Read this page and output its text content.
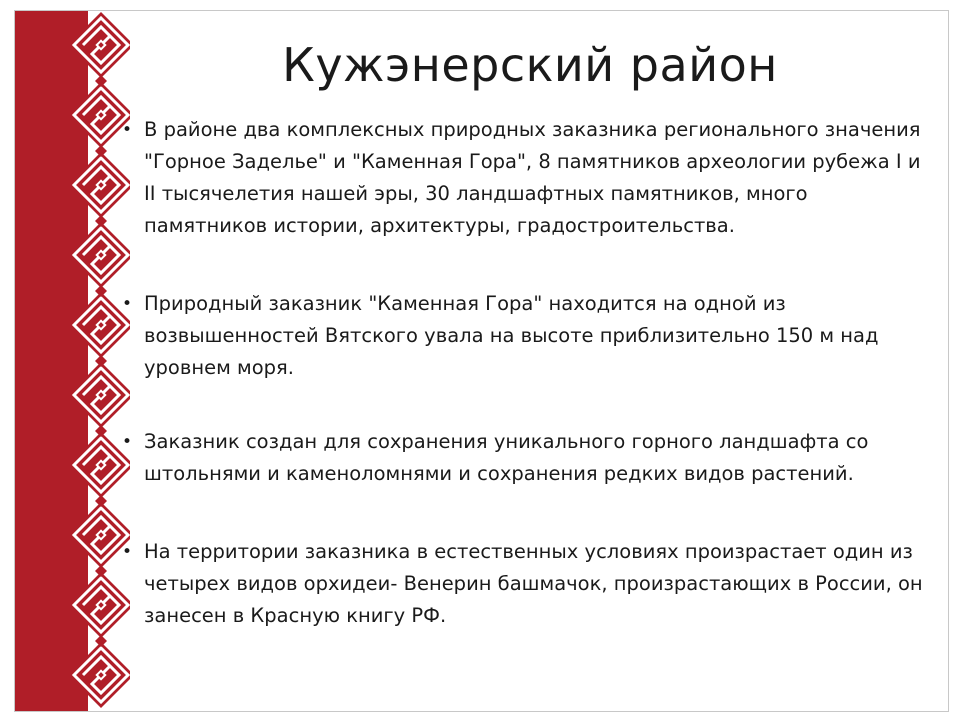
Кужэнерский район
• В районе два комплексных природных заказника регионального значения "Горное Заделье" и "Каменная Гора", 8 памятников археологии рубежа I и II тысячелетия нашей эры, 30 ландшафтных памятников, много памятников истории, архитектуры, градостроительства.
• Природный заказник "Каменная Гора" находится на одной из возвышенностей Вятского увала на высоте приблизительно 150 м над уровнем моря.
• Заказник создан для сохранения уникального горного ландшафта со штольнями и каменоломнями и сохранения редких видов растений.
• На территории заказника в естественных условиях произрастает один из четырех видов орхидеи- Венерин башмачок, произрастающих в России, он занесен в Красную книгу РФ.
